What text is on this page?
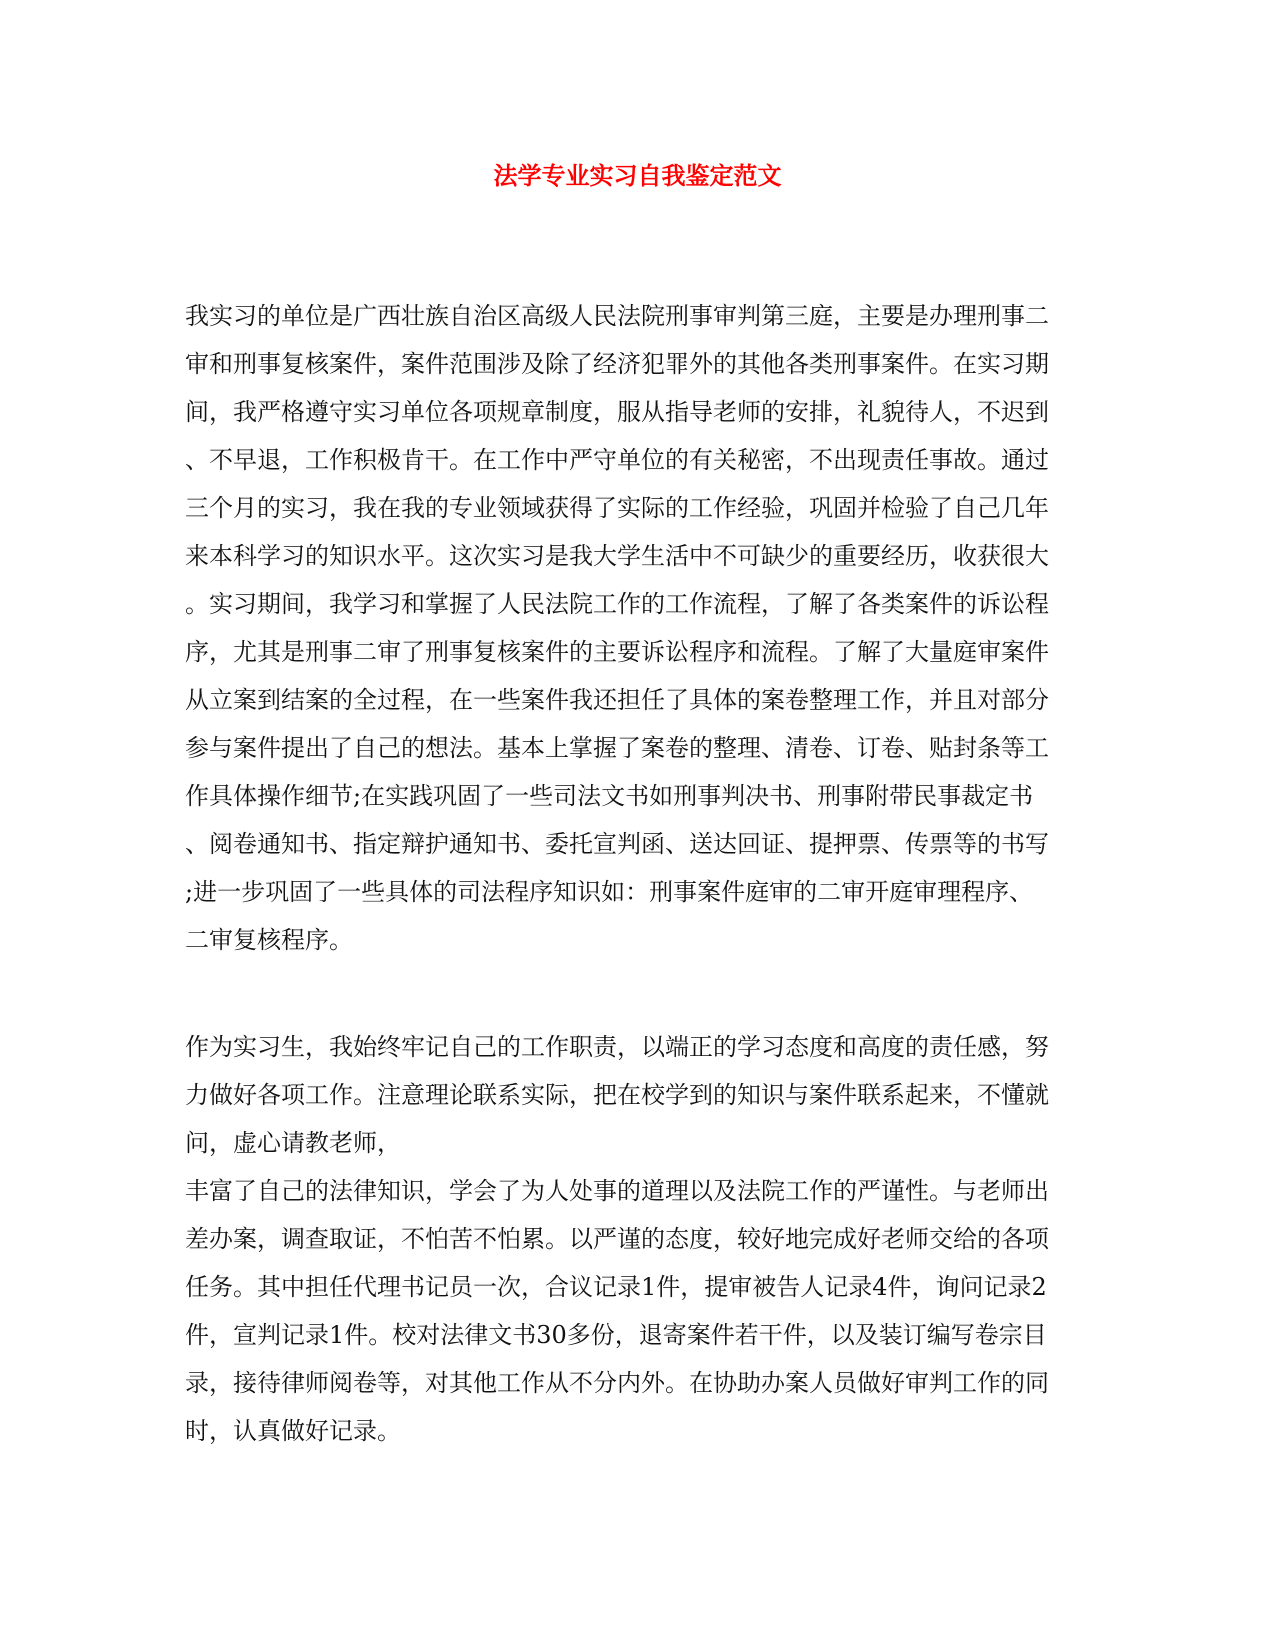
法学专业实习自我鉴定范文

我实习的单位是广西壮族自治区高级人民法院刑事审判第三庭，主要是办理刑事二
审和刑事复核案件，案件范围涉及除了经济犯罪外的其他各类刑事案件。在实习期
间，我严格遵守实习单位各项规章制度，服从指导老师的安排，礼貌待人，不迟到
、不早退，工作积极肯干。在工作中严守单位的有关秘密，不出现责任事故。通过
三个月的实习，我在我的专业领域获得了实际的工作经验，巩固并检验了自己几年
来本科学习的知识水平。这次实习是我大学生活中不可缺少的重要经历，收获很大
。实习期间，我学习和掌握了人民法院工作的工作流程，了解了各类案件的诉讼程
序，尤其是刑事二审了刑事复核案件的主要诉讼程序和流程。了解了大量庭审案件
从立案到结案的全过程，在一些案件我还担任了具体的案卷整理工作，并且对部分
参与案件提出了自己的想法。基本上掌握了案卷的整理、清卷、订卷、贴封条等工
作具体操作细节;在实践巩固了一些司法文书如刑事判决书、刑事附带民事裁定书
、阅卷通知书、指定辩护通知书、委托宣判函、送达回证、提押票、传票等的书写
;进一步巩固了一些具体的司法程序知识如：刑事案件庭审的二审开庭审理程序、
二审复核程序。

作为实习生，我始终牢记自己的工作职责，以端正的学习态度和高度的责任感，努
力做好各项工作。注意理论联系实际，把在校学到的知识与案件联系起来，不懂就
问，虚心请教老师，
丰富了自己的法律知识，学会了为人处事的道理以及法院工作的严谨性。与老师出
差办案，调查取证，不怕苦不怕累。以严谨的态度，较好地完成好老师交给的各项
任务。其中担任代理书记员一次，合议记录1件，提审被告人记录4件，询问记录2
件，宣判记录1件。校对法律文书30多份，退寄案件若干件，以及装订编写卷宗目
录，接待律师阅卷等，对其他工作从不分内外。在协助办案人员做好审判工作的同
时，认真做好记录。
